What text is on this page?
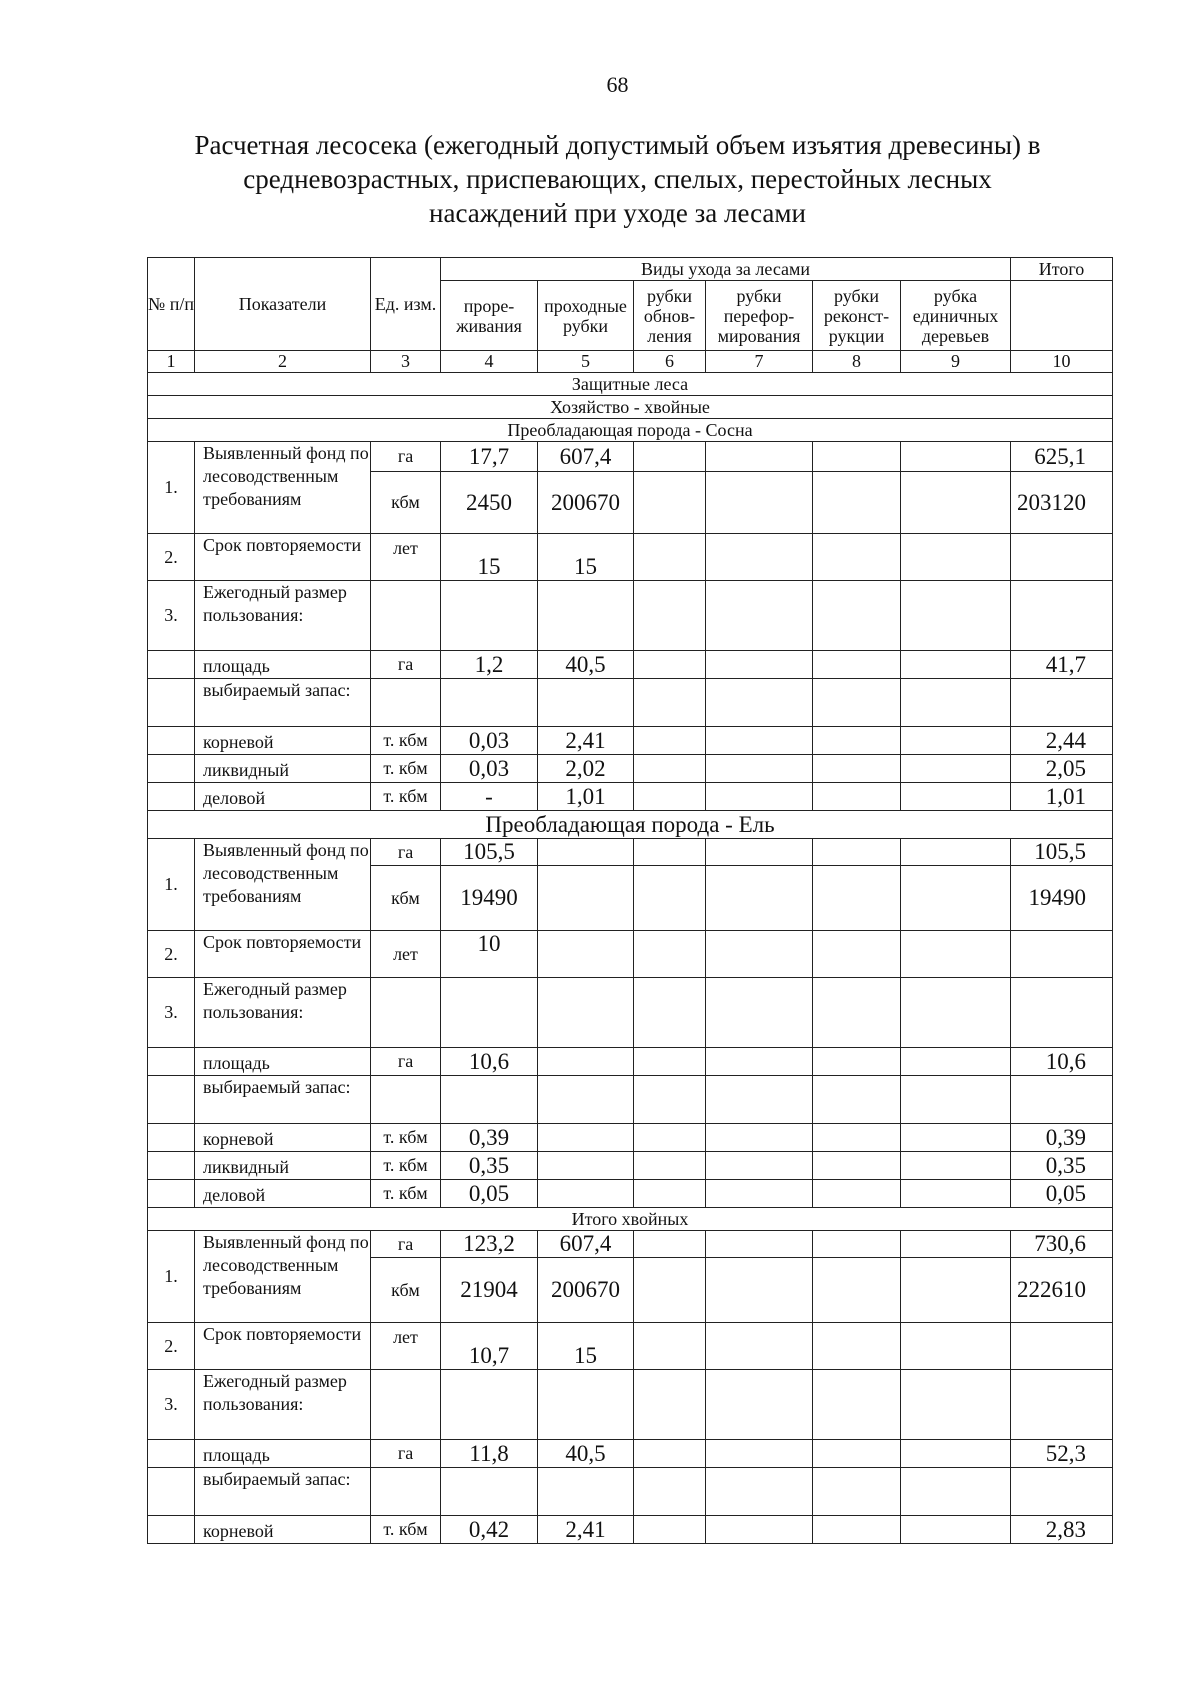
68
Расчетная лесосека (ежегодный допустимый объем изъятия древесины) в
средневозрастных, приспевающих, спелых, перестойных лесных
насаждений при уходе за лесами
№ п/п	Показатели	Ед. изм.	Виды ухода за лесами						Итого
			проре-живания	проходные рубки	рубки обнов-ления	рубки перефор-мирования	рубки реконст-рукции	рубка единичных деревьев	
1	2	3	4	5	6	7	8	9	10
Защитные леса									
Хозяйство - хвойные									
Преобладающая порода - Сосна									
1.	Выявленный фонд по лесоводственным требованиям	га	17,7	607,4					625,1
		кбм	2450	200670					203120
2.	Срок повторяемости	лет	15	15					
3.	Ежегодный размер пользования:								
	площадь	га	1,2	40,5					41,7
	выбираемый запас:								
	корневой	т. кбм	0,03	2,41					2,44
	ликвидный	т. кбм	0,03	2,02					2,05
	деловой	т. кбм	-	1,01					1,01
Преобладающая порода - Ель									
1.	Выявленный фонд по лесоводственным требованиям	га	105,5						105,5
		кбм	19490						19490
2.	Срок повторяемости	лет	10						
3.	Ежегодный размер пользования:								
	площадь	га	10,6						10,6
	выбираемый запас:								
	корневой	т. кбм	0,39						0,39
	ликвидный	т. кбм	0,35						0,35
	деловой	т. кбм	0,05						0,05
Итого хвойных									
1.	Выявленный фонд по лесоводственным требованиям	га	123,2	607,4					730,6
		кбм	21904	200670					222610
2.	Срок повторяемости	лет	10,7	15					
3.	Ежегодный размер пользования:								
	площадь	га	11,8	40,5					52,3
	выбираемый запас:								
	корневой	т. кбм	0,42	2,41					2,83
